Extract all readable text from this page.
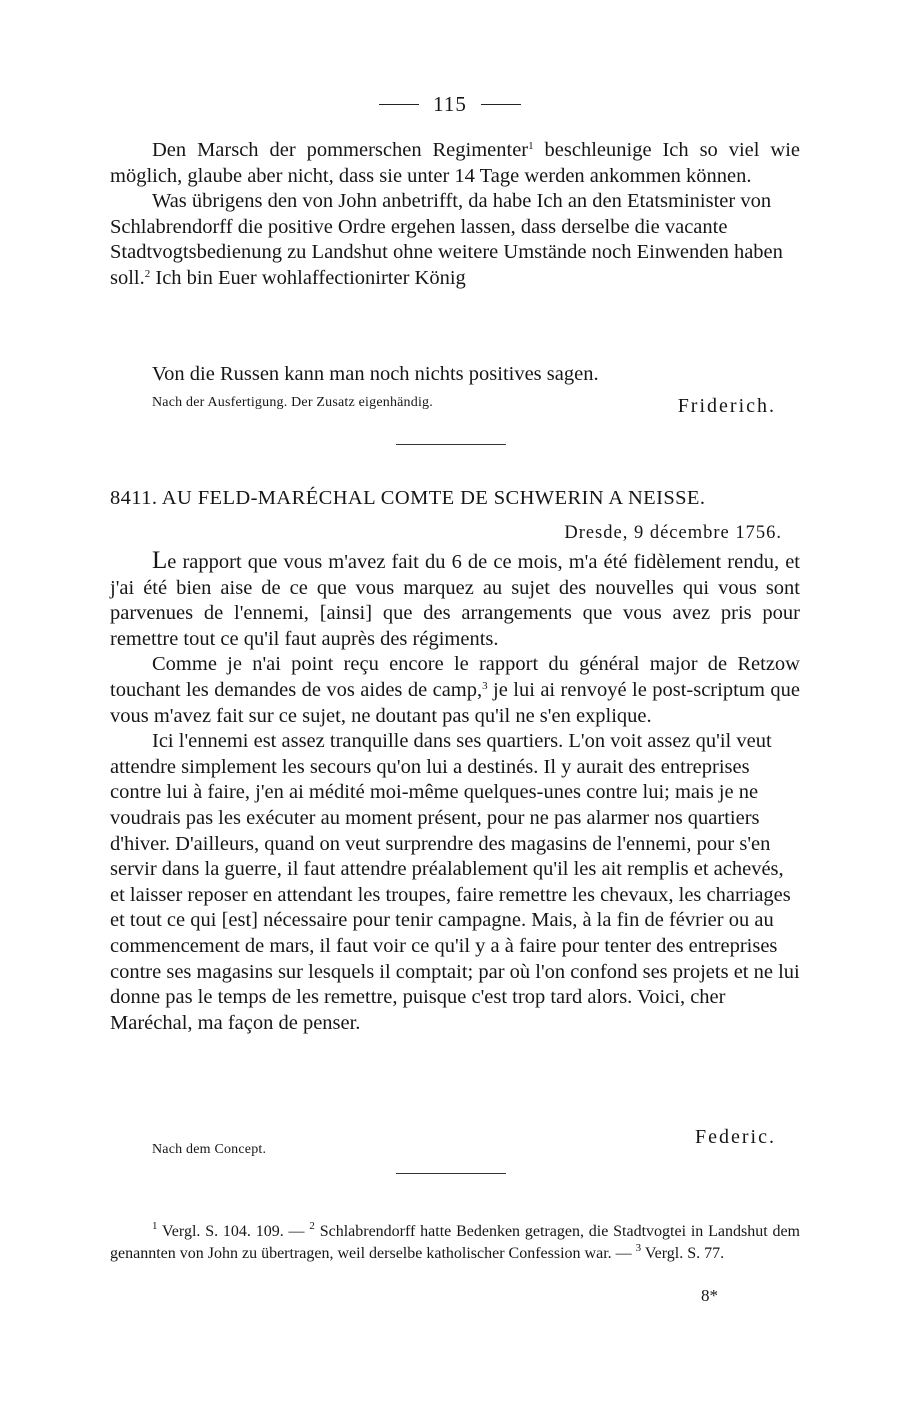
115

Den Marsch der pommerschen Regimenter$^1$ beschleunige Ich so viel wie möglich, glaube aber nicht, dass sie unter 14 Tage werden ankommen können.

Was übrigens den von John anbetrifft, da habe Ich an den Etatsminister von Schlabrendorff die positive Ordre ergehen lassen, dass derselbe die vacante Stadtvogtsbedienung zu Landshut ohne weitere Umstände noch Einwenden haben soll.$^2$ Ich bin Euer wohlaffectionirter König

Von die Russen kann man noch nichts positives sagen.

Nach der Ausfertigung. Der Zusatz eigenhändig.	Friderich.
8411. AU FELD-MARÉCHAL COMTE DE SCHWERIN A NEISSE.
Dresde, 9 décembre 1756.

Le rapport que vous m'avez fait du 6 de ce mois, m'a été fidèlement rendu, et j'ai été bien aise de ce que vous marquez au sujet des nouvelles qui vous sont parvenues de l'ennemi, [ainsi] que des arrangements que vous avez pris pour remettre tout ce qu'il faut auprès des régiments.

Comme je n'ai point reçu encore le rapport du général major de Retzow touchant les demandes de vos aides de camp,$^3$ je lui ai renvoyé le post-scriptum que vous m'avez fait sur ce sujet, ne doutant pas qu'il ne s'en explique.

Ici l'ennemi est assez tranquille dans ses quartiers. L'on voit assez qu'il veut attendre simplement les secours qu'on lui a destinés. Il y aurait des entreprises contre lui à faire, j'en ai médité moi-même quelques-unes contre lui; mais je ne voudrais pas les exécuter au moment présent, pour ne pas alarmer nos quartiers d'hiver. D'ailleurs, quand on veut surprendre des magasins de l'ennemi, pour s'en servir dans la guerre, il faut attendre préalablement qu'il les ait remplis et achevés, et laisser reposer en attendant les troupes, faire remettre les chevaux, les charriages et tout ce qui [est] nécessaire pour tenir campagne. Mais, à la fin de février ou au commencement de mars, il faut voir ce qu'il y a à faire pour tenter des entreprises contre ses magasins sur lesquels il comptait; par où l'on confond ses projets et ne lui donne pas le temps de les remettre, puisque c'est trop tard alors. Voici, cher Maréchal, ma façon de penser.

Federic.
Nach dem Concept.

$^1$ Vergl. S. 104. 109. — $^2$ Schlabrendorff hatte Bedenken getragen, die Stadtvogtei in Landshut dem genannten von John zu übertragen, weil derselbe katholischer Confession war. — $^3$ Vergl. S. 77.

8*
